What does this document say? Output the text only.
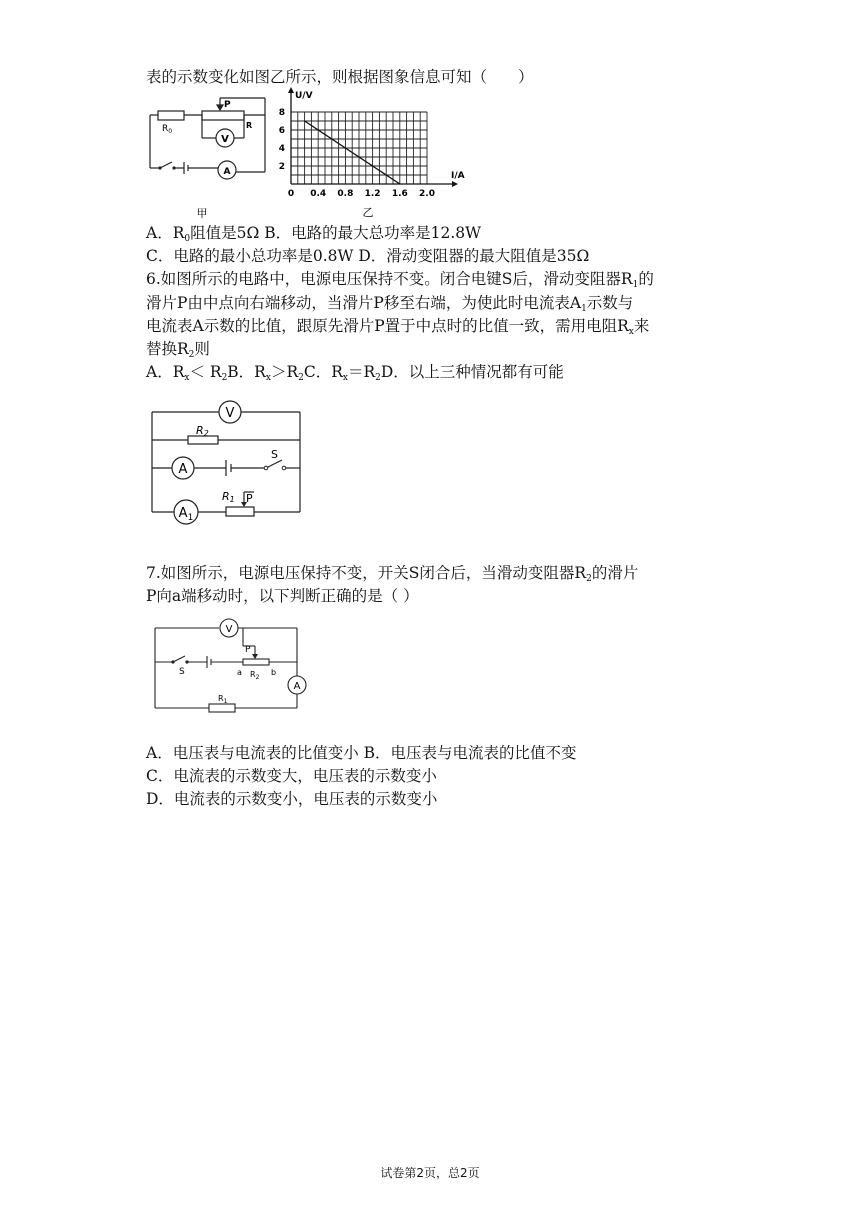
表的示数变化如图乙所示，则根据图象信息可知（　　）
$R_0$
P
R
V
A
甲
8
6
4
2
0 0.4 0.8 1.2 1.6 2.0
U/V
I/A
乙
A．$R_0$阻值是5Ω B．电路的最大总功率是12.8W
C．电路的最小总功率是0.8W D．滑动变阻器的最大阻值是35Ω
6.如图所示的电路中，电源电压保持不变。闭合电键S后，滑动变阻器$R_1$的
滑片P由中点向右端移动，当滑片P移至右端，为使此时电流表$A_1$示数与
电流表A示数的比值，跟原先滑片P置于中点时的比值一致，需用电阻$R_x$来
替换$R_2$则
A．$R_x< R_2B$．$R_x>R_2C$．$R_x=R_2D$．以上三种情况都有可能
V
R2
A
S
$A_1$
R1 P
7.如图所示，电源电压保持不变，开关S闭合后，当滑动变阻器$R_2$的滑片
P向a端移动时，以下判断正确的是（ ）
V
S
P
a $R_2$
b
A
$R_1$
A．电压表与电流表的比值变小 B．电压表与电流表的比值不变
C．电流表的示数变大，电压表的示数变小
D．电流表的示数变小，电压表的示数变小
试卷第2页，总2页
